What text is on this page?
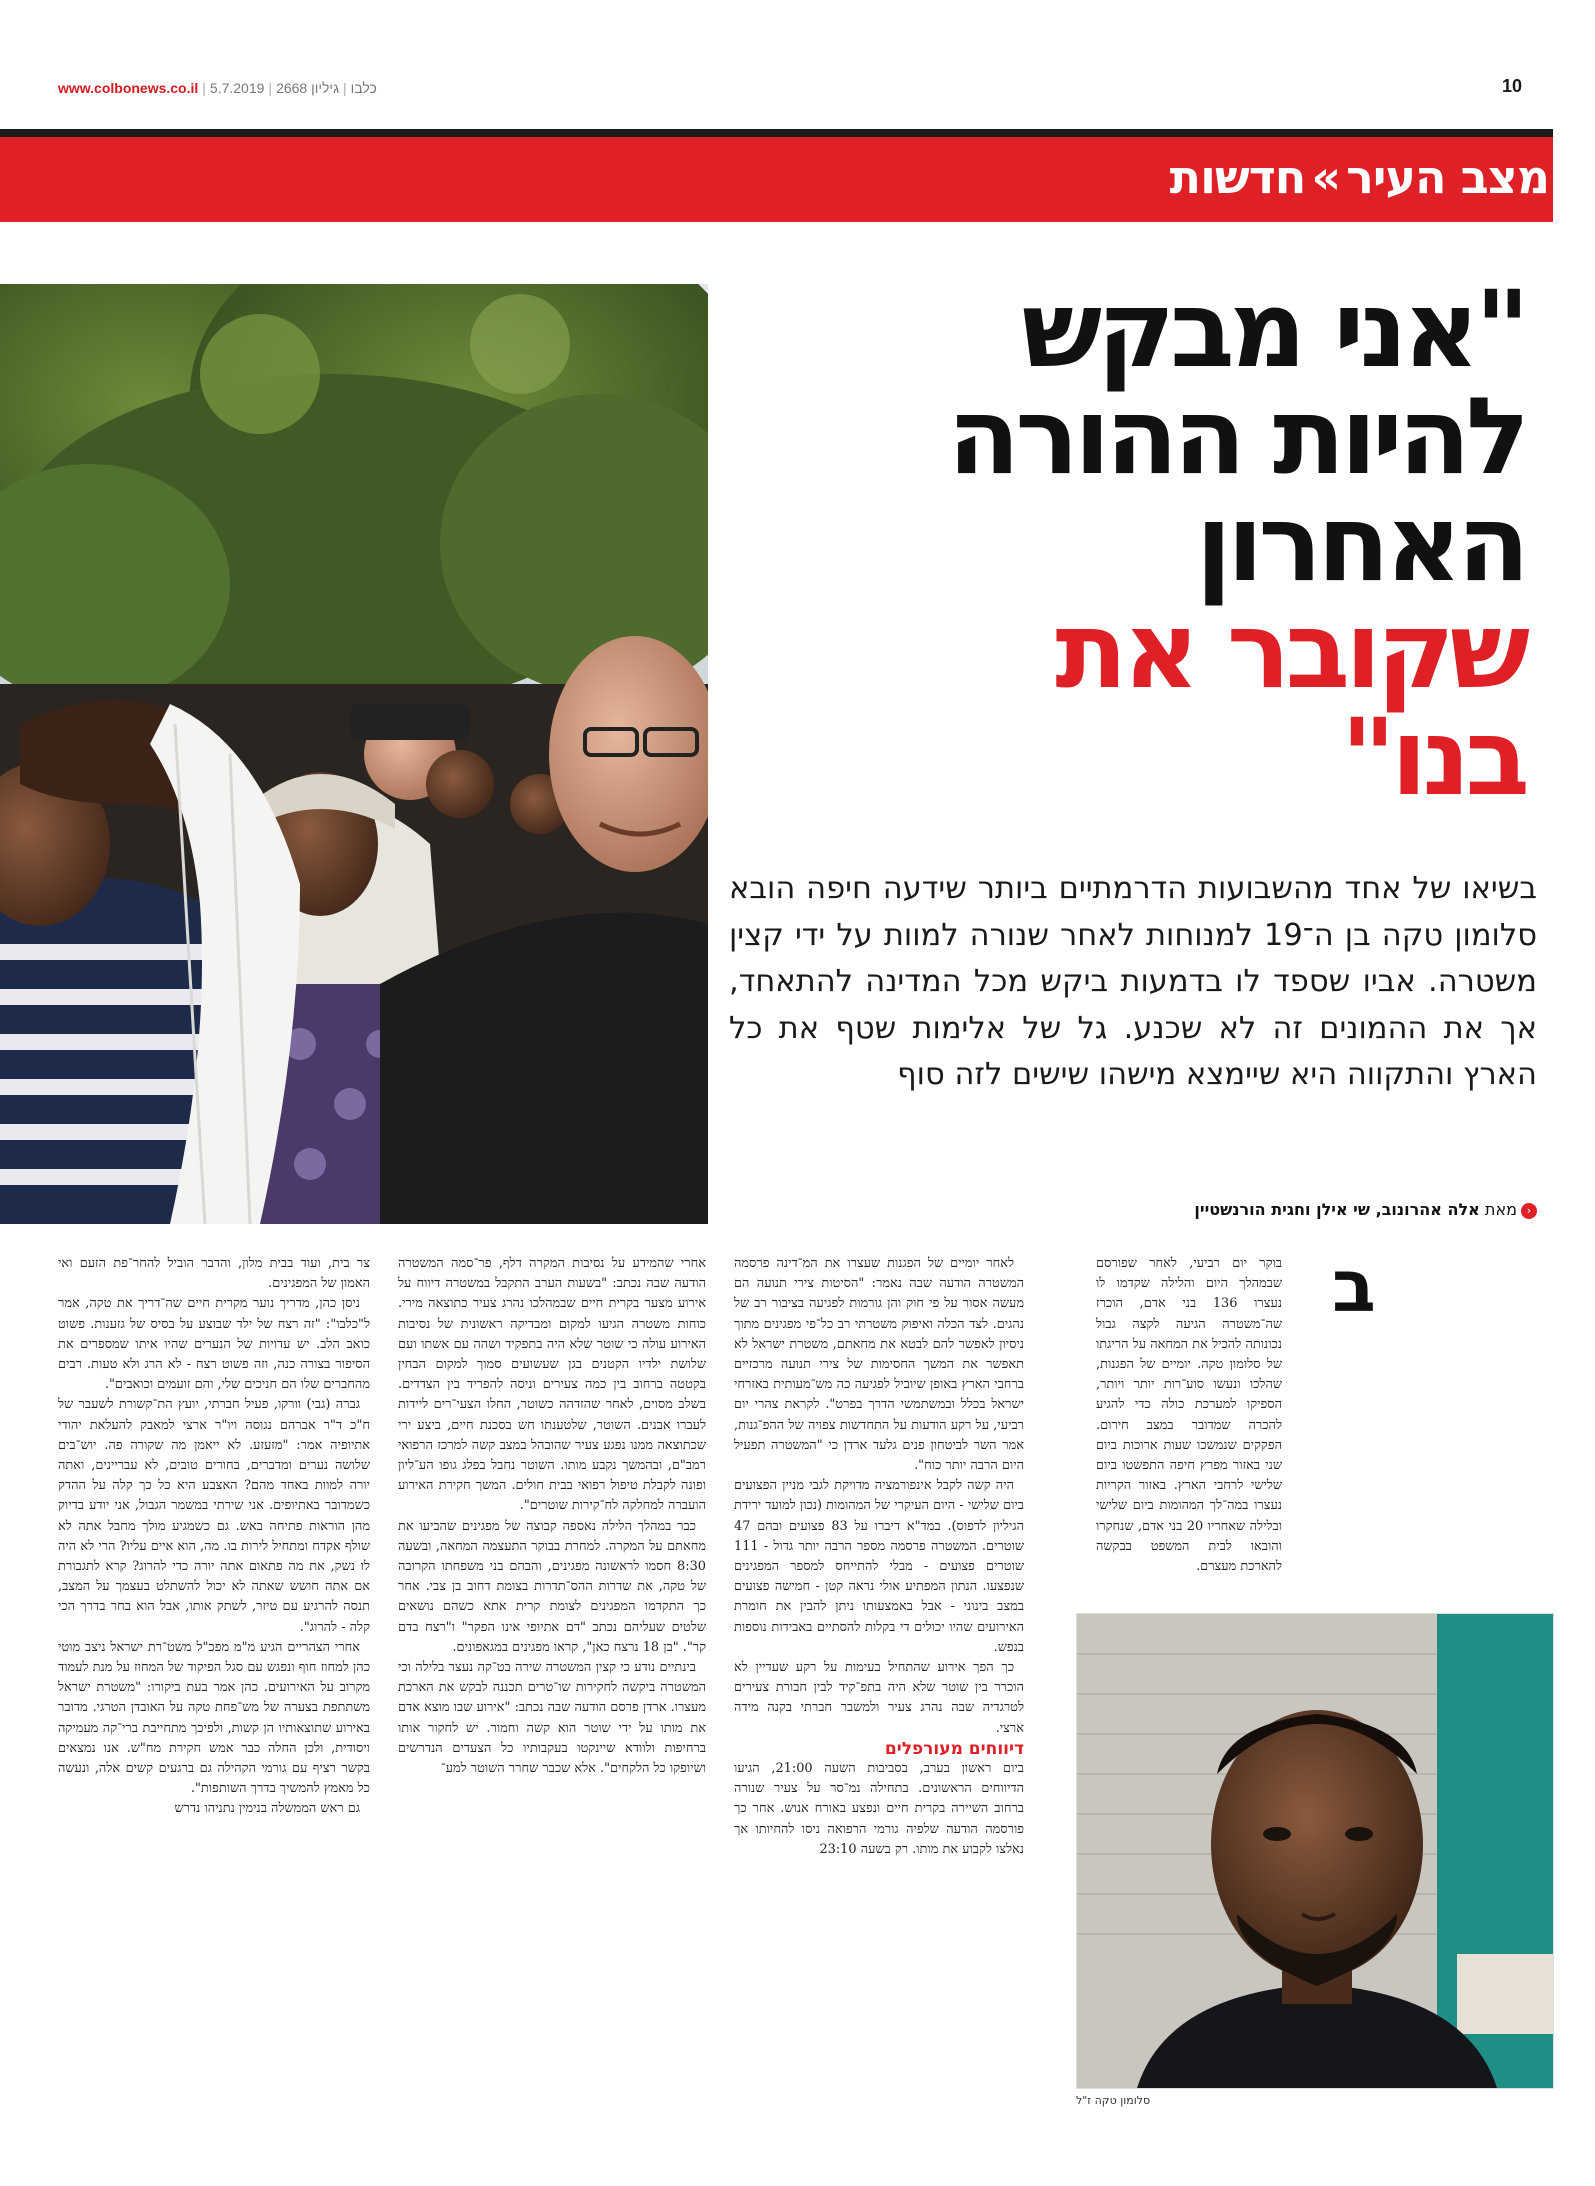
www.colbonews.co.il |	כלבו|גיליון 2668|5.7.2019	10
מצב העיר»חדשות
"אני מבקש
להיות ההורה
האחרון
שקובר את
בנו"
בשיאו של אחד מהשבועות הדרמתיים ביותר שידעה חיפה הובא סלומון טקה בן ה־19 למנוחות לאחר שנורה למוות על ידי קצין משטרה. אביו שספד לו בדמעות ביקש מכל המדינה להתאחד, אך את ההמונים זה לא שכנע. גל של אלימות שטף את כל הארץ והתקווה היא שיימצא מישהו שישים לזה סוף
‹מאת אלה אהרונוב, שי אילן וחגית הורנשטיין
ב

בוקר יום רביעי, לאחר שפורסם שבמהלך היום והלילה שקדמו לו נעצרו 136 בני אדם, הוכרז שה־משטרה הגיעה לקצה גבול נכונותה להכיל את המחאה על הריגתו של סלומון טקה. יומיים של הפגנות, שהלכו ונעשו סוע־רות יותר ויותר, הספיקו למערכת כולה כדי להגיע להכרה שמדובר במצב חירום. הפקקים שנמשכו שעות ארוכות ביום שני באזור מפרץ חיפה התפשטו ביום שלישי לרחבי הארץ. באזור הקריות נעצרו במה־לך המהומות ביום שלישי ובלילה שאחריו 20 בני אדם, שנחקרו והובאו לבית המשפט בבקשה להארכת מעצרם.

לאחר יומיים של הפגנות שעצרו את המ־דינה פרסמה המשטרה הודעה שבה נאמר: "הסיטות צירי תנועה הם מעשה אסור על פי חוק והן גורמות לפגיעה בציבור רב של נהגים. לצד הכלה ואיפוק משטרתי רב כל־פי מפגינים מתוך ניסיון לאפשר להם לבטא את מחאתם, משטרת ישראל לא תאפשר את המשך החסימות של צירי תנועה מרכזיים ברחבי הארץ באופן שיוביל לפגיעה כה מש־מעותית באזרחי ישראל בכלל ובמשתמשי הדרך בפרט". לקראת צהרי יום רביעי, על רקע הודעות על התחדשות צפויה של ההפ־גנות, אמר השר לביטחון פנים גלעד ארדן כי "המשטרה תפעיל היום הרבה יותר כוח".

היה קשה לקבל אינפורמציה מדויקת לגבי מניין הפצועים ביום שלישי - היום העיקרי של המהומות (נכון למועד ירידת הגיליון לדפוס). במד"א דיברו על 83 פצועים ובהם 47 שוטרים. המשטרה פרסמה מספר הרבה יותר גדול - 111 שוטרים פצועים - מבלי להתייחס למספר המפגינים שנפצעו. הנתון המפתיע אולי נראה קטן - חמישה פצועים במצב בינוני - אבל באמצעותו ניתן להבין את חומרת האירועים שהיו יכולים די בקלות להסתיים באבידות נוספות בנפש.

כך הפך אירוע שהתחיל בעימות על רקע שעדיין לא הוכרר בין שוטר שלא היה בתפ־קיד לבין חבורת צעירים לטרגדיה שבה נהרג צעיר ולמשבר חברתי בקנה מידה ארצי.

דיווחים מעורפלים

ביום ראשון בערב, בסביבות השעה 21:00, הגיעו הדיווחים הראשונים. בתחילה נמ־סר על צעיר שנורה ברחוב השיירה בקרית חיים ונפצע באורח אנוש. אחר כך פורסמה הודעה שלפיה גורמי הרפואה ניסו להחיותו אך נאלצו לקבוע את מותו. רק בשעה 23:10

אחרי שהמידע על נסיבות המקרה דלף, פר־סמה המשטרה הודעה שבה נכתב: "בשעות הערב התקבל במשטרה דיווח על אירוע מצער בקרית חיים שבמהלכו נהרג צעיר כתוצאה מירי. כוחות משטרה הגיעו למקום ומבדיקה ראשונית של נסיבות האירוע עולה כי שוטר שלא היה בתפקיד ושהה עם אשתו ועם שלושת ילדיו הקטנים בגן שעשועים סמוך למקום הבחין בקטטה ברחוב בין כמה צעירים וניסה להפריד בין הצדדים. בשלב מסוים, לאחר שהזדהה כשוטר, החלו הצעי־רים ליידות לעברו אבנים. השוטר, שלטענתו חש בסכנת חיים, ביצע ירי שכתוצאה ממנו נפגע צעיר שהובהל במצב קשה למרכז הרפואי רמב"ם, ובהמשך נקבע מותו. השוטר נחבל בפלג גופו הע־ליון ופונה לקבלת טיפול רפואי בבית חולים. המשך חקירת האירוע הועברה למחלקה לח־קירות שוטרים".

כבר במהלך הלילה נאספה קבוצה של מפגינים שהביעו את מחאתם על המקרה. למחרת בבוקר התעצמה המחאה, ובשעה 8:30 חסמו לראשונה מפגינים, והבהם בני משפחתו הקרובה של טקה, את שדרות ההס־תדרות בצומת דחוב בן צבי. אחר כך התקדמו המפגינים לצומת קרית אתא כשהם נושאים שלטים שעליהם נכתב "דם אתיופי אינו הפקר" ו"רצח בדם קר". "בן 18 נרצח כאן", קראו מפגינים במגאפונים.

בינתיים נודע כי קצין המשטרה שירה בט־קה נעצר בלילה וכי המשטרה ביקשה לחקירות שו־טרים תכננה לבקש את הארכת מעצרו. ארדן פרסם הודעה שבה נכתב: "אירוע שבו מוצא אדם את מותו על ידי שוטר הוא קשה וחמור. יש לחקור אותו ברחיפות ולוודא שיינקטו בעקבותיו כל הצעדים הנדרשים ושיופקו כל הלקחים". אלא שכבר שחרר השוטר למע־

צר בית, ועוד בבית מלון, והדבר הוביל להחר־פת הזעם ואי האמון של המפגינים.

ניסן כהן, מדריך נוער מקרית חיים שה־דריך את טקה, אמר ל"כלבו": "זה רצח של ילד שבוצע על בסיס של גזענות. פשוט כואב הלב. יש עדויות של הנערים שהיו איתו שמספרים את הסיפור בצורה כנה, וזה פשוט רצח - לא הרג ולא טעות. רבים מהחברים שלו הם חניכים שלי, והם זועמים וכואבים".

גברה (גבי) וורקו, פעיל חברתי, יועץ הת־קשורת לשעבר של ח"כ ד"ר אברהם נגוסה ויו"ר ארצי למאבק להעלאת יהודי אתיופיה אמר: "מזעזע. לא ייאמן מה שקורה פה. יוש־בים שלושה נערים ומדברים, בחורים טובים, לא עבריינים, ואתה יורה למוות באחד מהם? האצבע היא כל כך קלה על ההדק כשמדובר באתיופים. אני שירתי במשמר הגבול, אני יודע בדיוק מהן הוראות פתיחה באש. גם כשמגיע מולך מחבל אתה לא שולף אקדח ומתחיל לירות בו. מה, הוא איים עליו? הרי לא היה לו נשק, את מה פתאום אתה יורה כדי להרוג? קרא לתגבורת אם אתה חושש שאתה לא יכול להשתלט בעצמך על המצב, תנסה להרגיע עם טיזר, לשתק אותו, אבל הוא בחר בדרך הכי קלה - להרוג".

אחרי הצהריים הגיע מ"מ מפכ"ל משט־רת ישראל ניצב מוטי כהן למחוז חוף ונפגש עם סגל הפיקוד של המחוז על מנת לעמוד מקרוב על האירועים. כהן אמר בעת ביקורו: "משטרת ישראל משתתפת בצערה של מש־פחת טקה על האובדן הטרגי. מדובר באירוע שתוצאותיו הן קשות, ולפיכך מתחייבת ברי־קה מעמיקה ויסודית, ולכן החלה כבר אמש חקירת מח"ש. אנו נמצאים בקשר רציף עם גורמי הקהילה גם ברגעים קשים אלה, ונעשה כל מאמץ להמשיך בדרך השותפות".

גם ראש הממשלה בנימין נתניהו נדרש

סלומון טקה ז"ל
